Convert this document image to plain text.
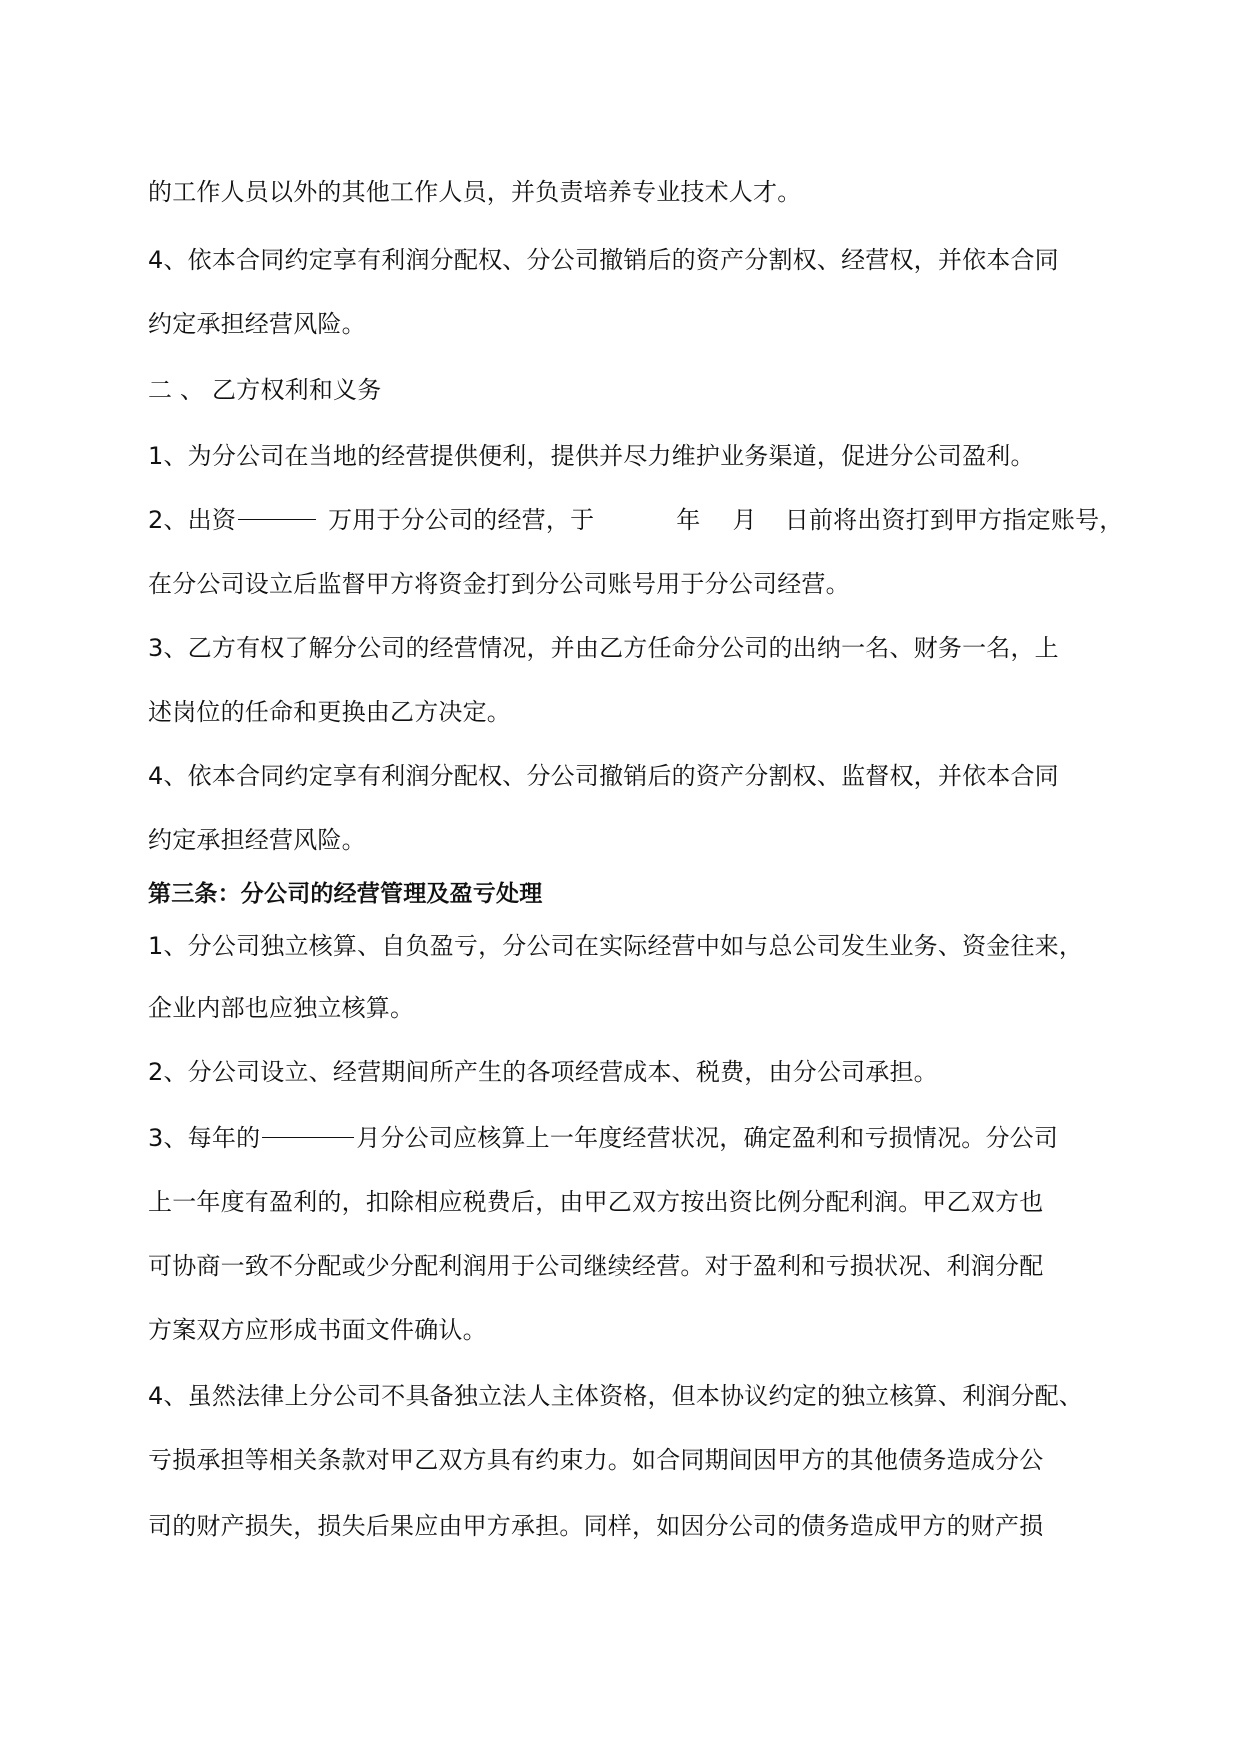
的工作人员以外的其他工作人员，并负责培养专业技术人才。
4、依本合同约定享有利润分配权、分公司撤销后的资产分割权、经营权，并依本合同
约定承担经营风险。
二 、 乙方权利和义务
1、为分公司在当地的经营提供便利，提供并尽力维护业务渠道，促进分公司盈利。
2、出资	万用于分公司的经营，于	年 月 日前将出资打到甲方指定账号，
在分公司设立后监督甲方将资金打到分公司账号用于分公司经营。
3、乙方有权了解分公司的经营情况，并由乙方任命分公司的出纳一名、财务一名，上
述岗位的任命和更换由乙方决定。
4、依本合同约定享有利润分配权、分公司撤销后的资产分割权、监督权，并依本合同
约定承担经营风险。
第三条：分公司的经营管理及盈亏处理
1、分公司独立核算、自负盈亏，分公司在实际经营中如与总公司发生业务、资金往来，
企业内部也应独立核算。
2、分公司设立、经营期间所产生的各项经营成本、税费，由分公司承担。
3、每年的	月分公司应核算上一年度经营状况，确定盈利和亏损情况。分公司
上一年度有盈利的，扣除相应税费后，由甲乙双方按出资比例分配利润。甲乙双方也
可协商一致不分配或少分配利润用于公司继续经营。对于盈利和亏损状况、利润分配
方案双方应形成书面文件确认。
4、虽然法律上分公司不具备独立法人主体资格，但本协议约定的独立核算、利润分配、
亏损承担等相关条款对甲乙双方具有约束力。如合同期间因甲方的其他债务造成分公
司的财产损失，损失后果应由甲方承担。同样，如因分公司的债务造成甲方的财产损
